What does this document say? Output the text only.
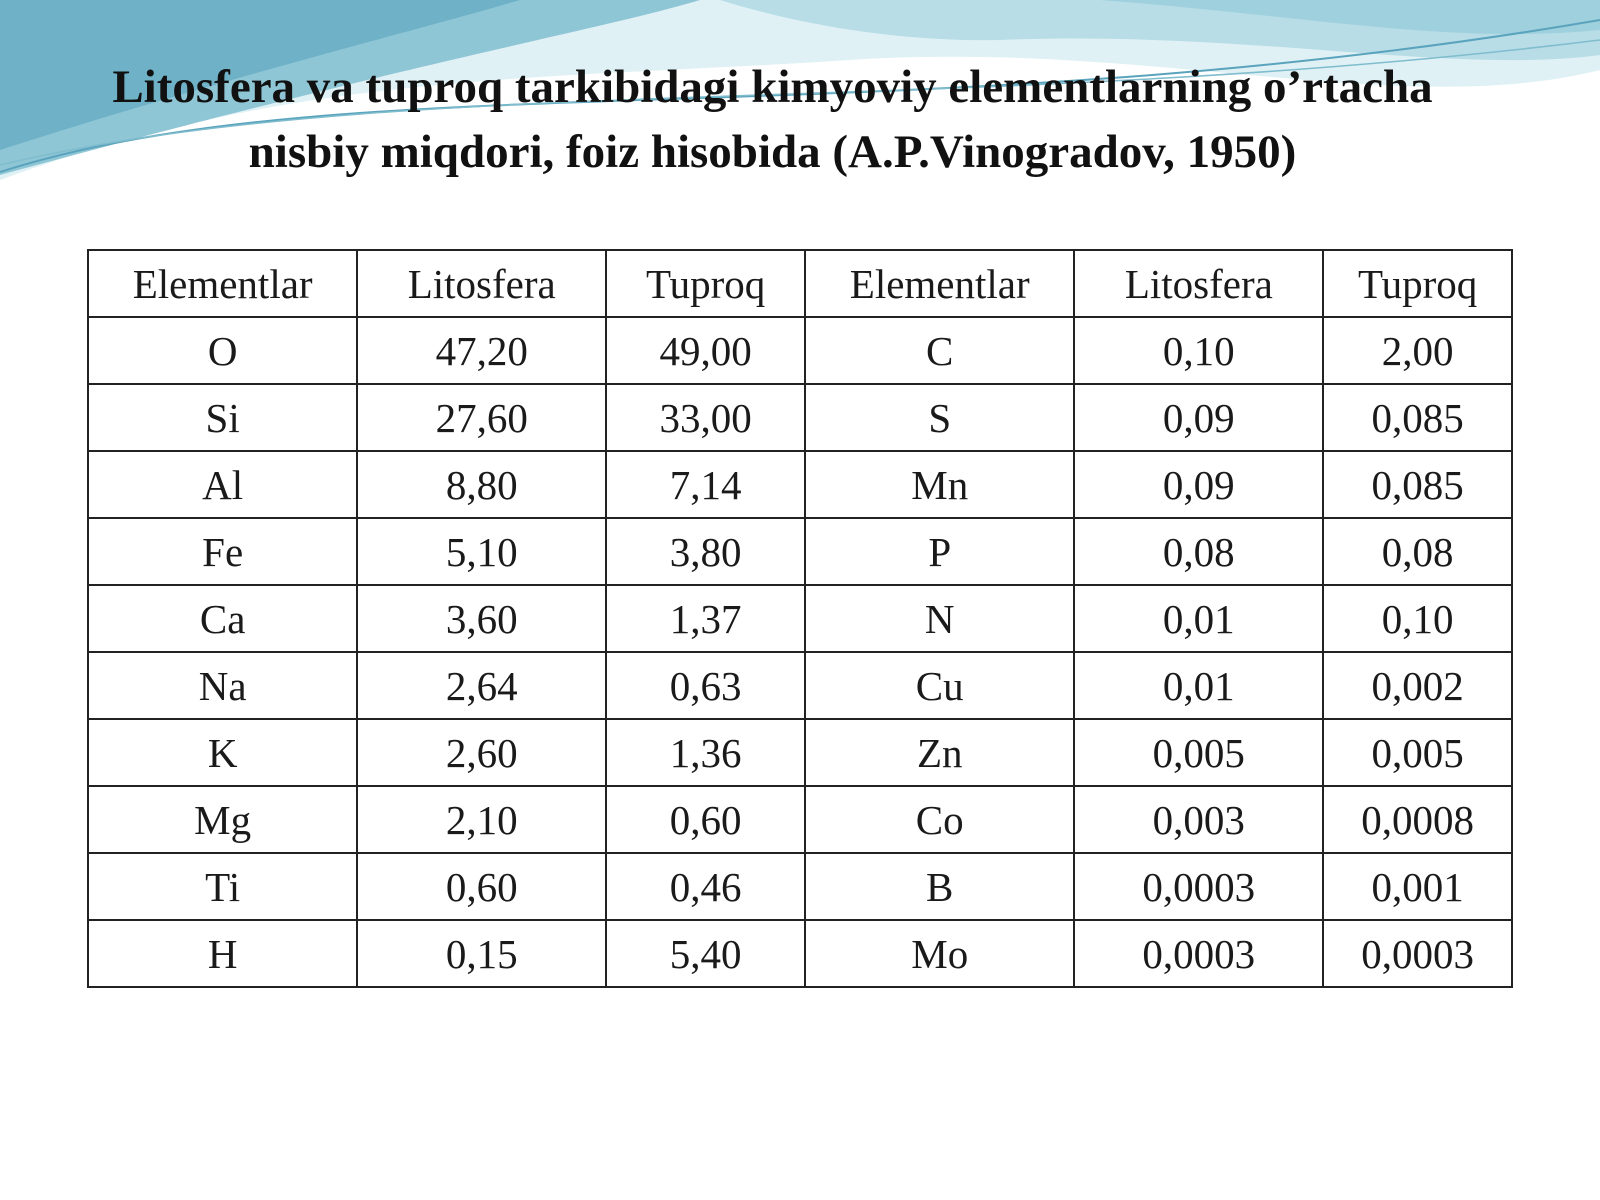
Litosfera va tuproq tarkibidagi kimyoviy elementlarning o’rtacha
nisbiy miqdori, foiz hisobida (A.P.Vinogradov, 1950)
Elementlar	Litosfera	Tuproq	Elementlar	Litosfera	Tuproq
O	47,20	49,00	C	0,10	2,00
Si	27,60	33,00	S	0,09	0,085
Al	8,80	7,14	Mn	0,09	0,085
Fe	5,10	3,80	P	0,08	0,08
Ca	3,60	1,37	N	0,01	0,10
Na	2,64	0,63	Cu	0,01	0,002
K	2,60	1,36	Zn	0,005	0,005
Mg	2,10	0,60	Co	0,003	0,0008
Ti	0,60	0,46	B	0,0003	0,001
H	0,15	5,40	Mo	0,0003	0,0003
